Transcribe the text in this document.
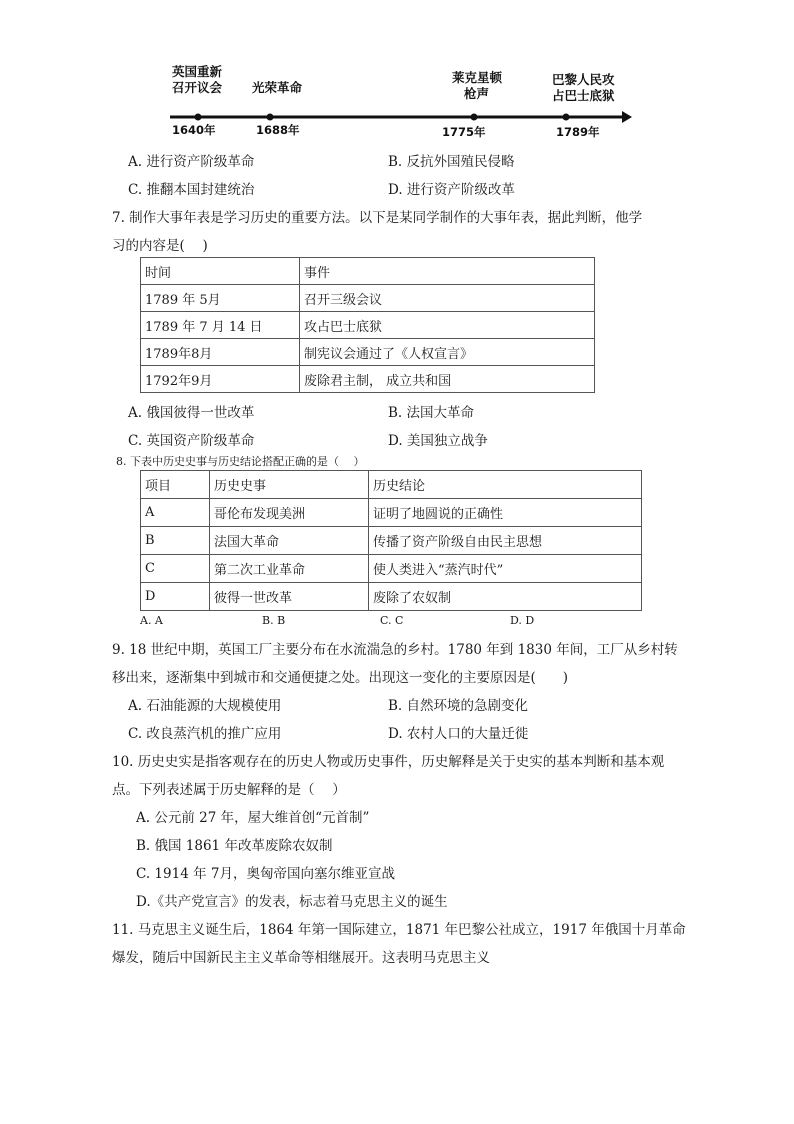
英国重新
召开议会 光荣革命
莱克星顿
枪声
巴黎人民攻
占巴士底狱
1640年	1688年	1775年	1789年
A. 进行资产阶级革命	B. 反抗外国殖民侵略
C. 推翻本国封建统治	D. 进行资产阶级改革
7. 制作大事年表是学习历史的重要方法。以下是某同学制作的大事年表，据此判断，他学
习的内容是(　 )
时间	事件
1789 年 5月	召开三级会议
1789 年 7 月 14 日	攻占巴士底狱
1789年8月	制宪议会通过了《人权宣言》
1792年9月	废除君主制， 成立共和国
A. 俄国彼得一世改革	B. 法国大革命
C. 英国资产阶级革命	D. 美国独立战争
8. 下表中历史史事与历史结论搭配正确的是（　 ）
项目	历史史事	历史结论
A	哥伦布发现美洲	证明了地圆说的正确性
B	法国大革命	传播了资产阶级自由民主思想
C	第二次工业革命	使人类进入“蒸汽时代”
D	彼得一世改革	废除了农奴制
A. A	B. B	C. C	D. D
9. 18 世纪中期，英国工厂主要分布在水流湍急的乡村。1780 年到 1830 年间，工厂从乡村转
移出来，逐渐集中到城市和交通便捷之处。出现这一变化的主要原因是(　　)
A. 石油能源的大规模使用	B. 自然环境的急剧变化
C. 改良蒸汽机的推广应用	D. 农村人口的大量迁徙
10. 历史史实是指客观存在的历史人物或历史事件，历史解释是关于史实的基本判断和基本观
点。下列表述属于历史解释的是（　 ）
A. 公元前 27 年，屋大维首创“元首制”
B. 俄国 1861 年改革废除农奴制
C. 1914 年 7月，奥匈帝国向塞尔维亚宣战
D.《共产党宣言》的发表，标志着马克思主义的诞生
11. 马克思主义诞生后，1864 年第一国际建立，1871 年巴黎公社成立，1917 年俄国十月革命
爆发，随后中国新民主主义革命等相继展开。这表明马克思主义
